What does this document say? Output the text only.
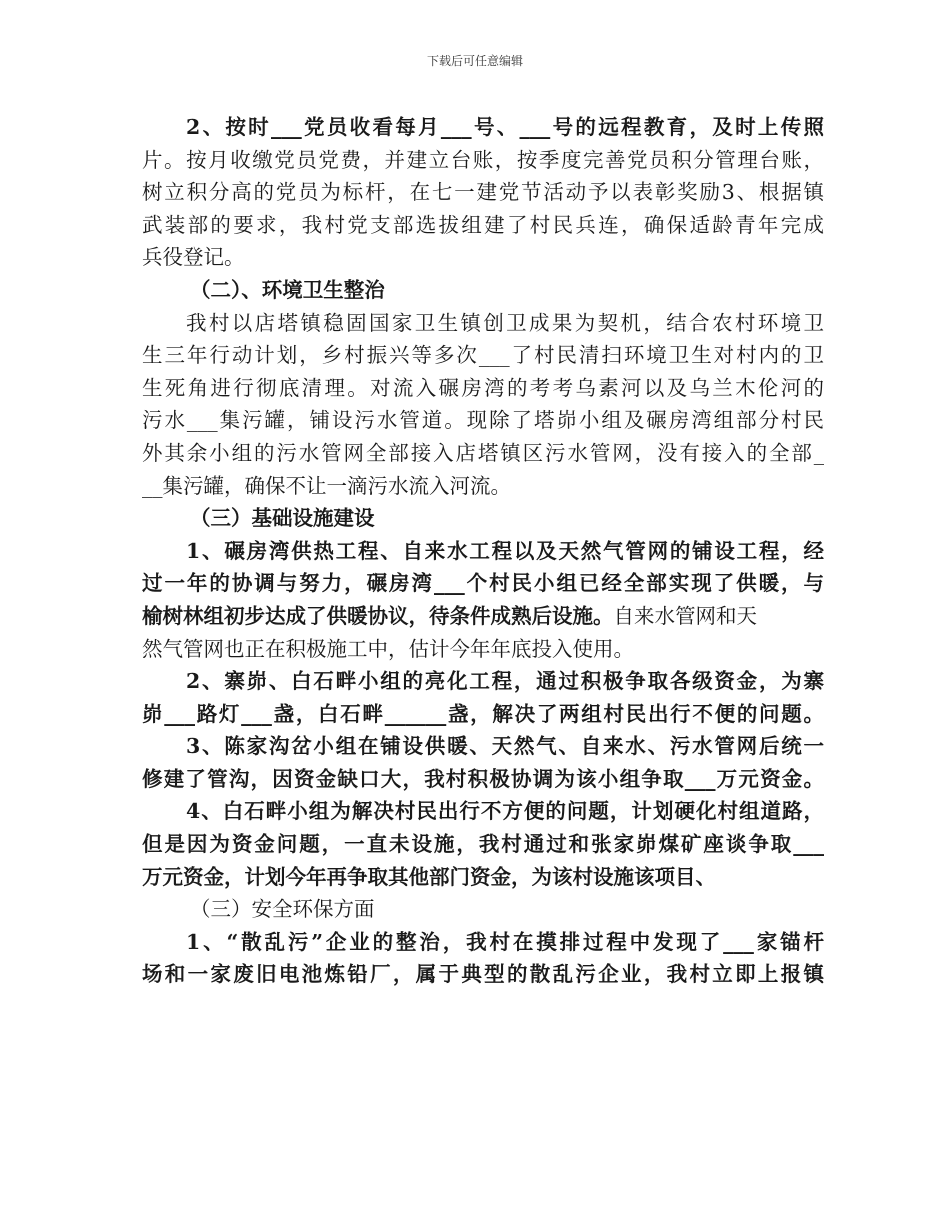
下载后可任意编辑
2、按时___党员收看每月___号、___号的远程教育，及时上传照
片。按月收缴党员党费，并建立台账，按季度完善党员积分管理台账，
树立积分高的党员为标杆，在七一建党节活动予以表彰奖励3、根据镇
武装部的要求，我村党支部选拔组建了村民兵连，确保适龄青年完成
兵役登记。
（二）、环境卫生整治
我村以店塔镇稳固国家卫生镇创卫成果为契机，结合农村环境卫
生三年行动计划，乡村振兴等多次___了村民清扫环境卫生对村内的卫
生死角进行彻底清理。对流入碾房湾的考考乌素河以及乌兰木伦河的
污水___集污罐，铺设污水管道。现除了塔峁小组及碾房湾组部分村民
外其余小组的污水管网全部接入店塔镇区污水管网，没有接入的全部_
__集污罐，确保不让一滴污水流入河流。
（三）基础设施建设
1、碾房湾供热工程、自来水工程以及天然气管网的铺设工程，经
过一年的协调与努力，碾房湾___个村民小组已经全部实现了供暖，与
榆树林组初步达成了供暖协议，待条件成熟后设施。自来水管网和天
然气管网也正在积极施工中，估计今年年底投入使用。
2、寨峁、白石畔小组的亮化工程，通过积极争取各级资金，为寨
峁___路灯___盏，白石畔______盏，解决了两组村民出行不便的问题。
3、陈家沟岔小组在铺设供暖、天然气、自来水、污水管网后统一
修建了管沟，因资金缺口大，我村积极协调为该小组争取___万元资金。
4、白石畔小组为解决村民出行不方便的问题，计划硬化村组道路，
但是因为资金问题，一直未设施，我村通过和张家峁煤矿座谈争取___
万元资金，计划今年再争取其他部门资金，为该村设施该项目、
（三）安全环保方面
1、“散乱污”企业的整治，我村在摸排过程中发现了___家锚杆
场和一家废旧电池炼铅厂，属于典型的散乱污企业，我村立即上报镇
